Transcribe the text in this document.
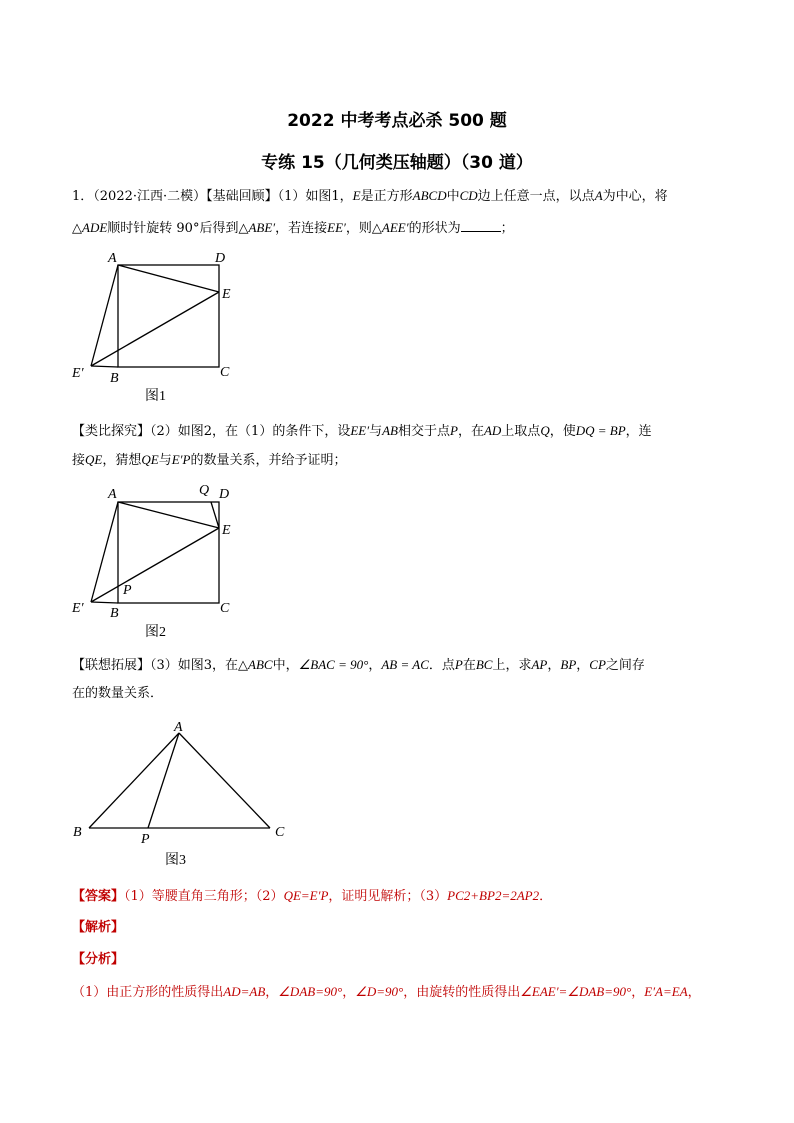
2022 中考考点必杀 500 题
专练 15（几何类压轴题）（30 道）
1．（2022·江西·二模）【基础回顾】（1）如图1，E是正方形ABCD中CD边上任意一点，以点A为中心，将
△ADE顺时针旋转 90°后得到△ABE′，若连接EE′，则△AEE′的形状为	；
A	D
E
E′ B	C
图1
【类比探究】（2）如图2，在（1）的条件下，设EE′与AB相交于点P，在AD上取点Q，使DQ = BP，连
接QE，猜想QE与E′P的数量关系，并给予证明；
A	Q D
E
P
E′ B	C
图2
【联想拓展】（3）如图3，在△ABC中，∠BAC = 90°，AB = AC．点P在BC上，求AP，BP，CP之间存
在的数量关系．
A
B	P	C
图3
【答案】（1）等腰直角三角形；（2）QE=E′P，证明见解析；（3）PC2+BP2=2AP2．
【解析】
【分析】
（1）由正方形的性质得出AD=AB，∠DAB=90°，∠D=90°，由旋转的性质得出∠EAE′=∠DAB=90°，E′A=EA，
